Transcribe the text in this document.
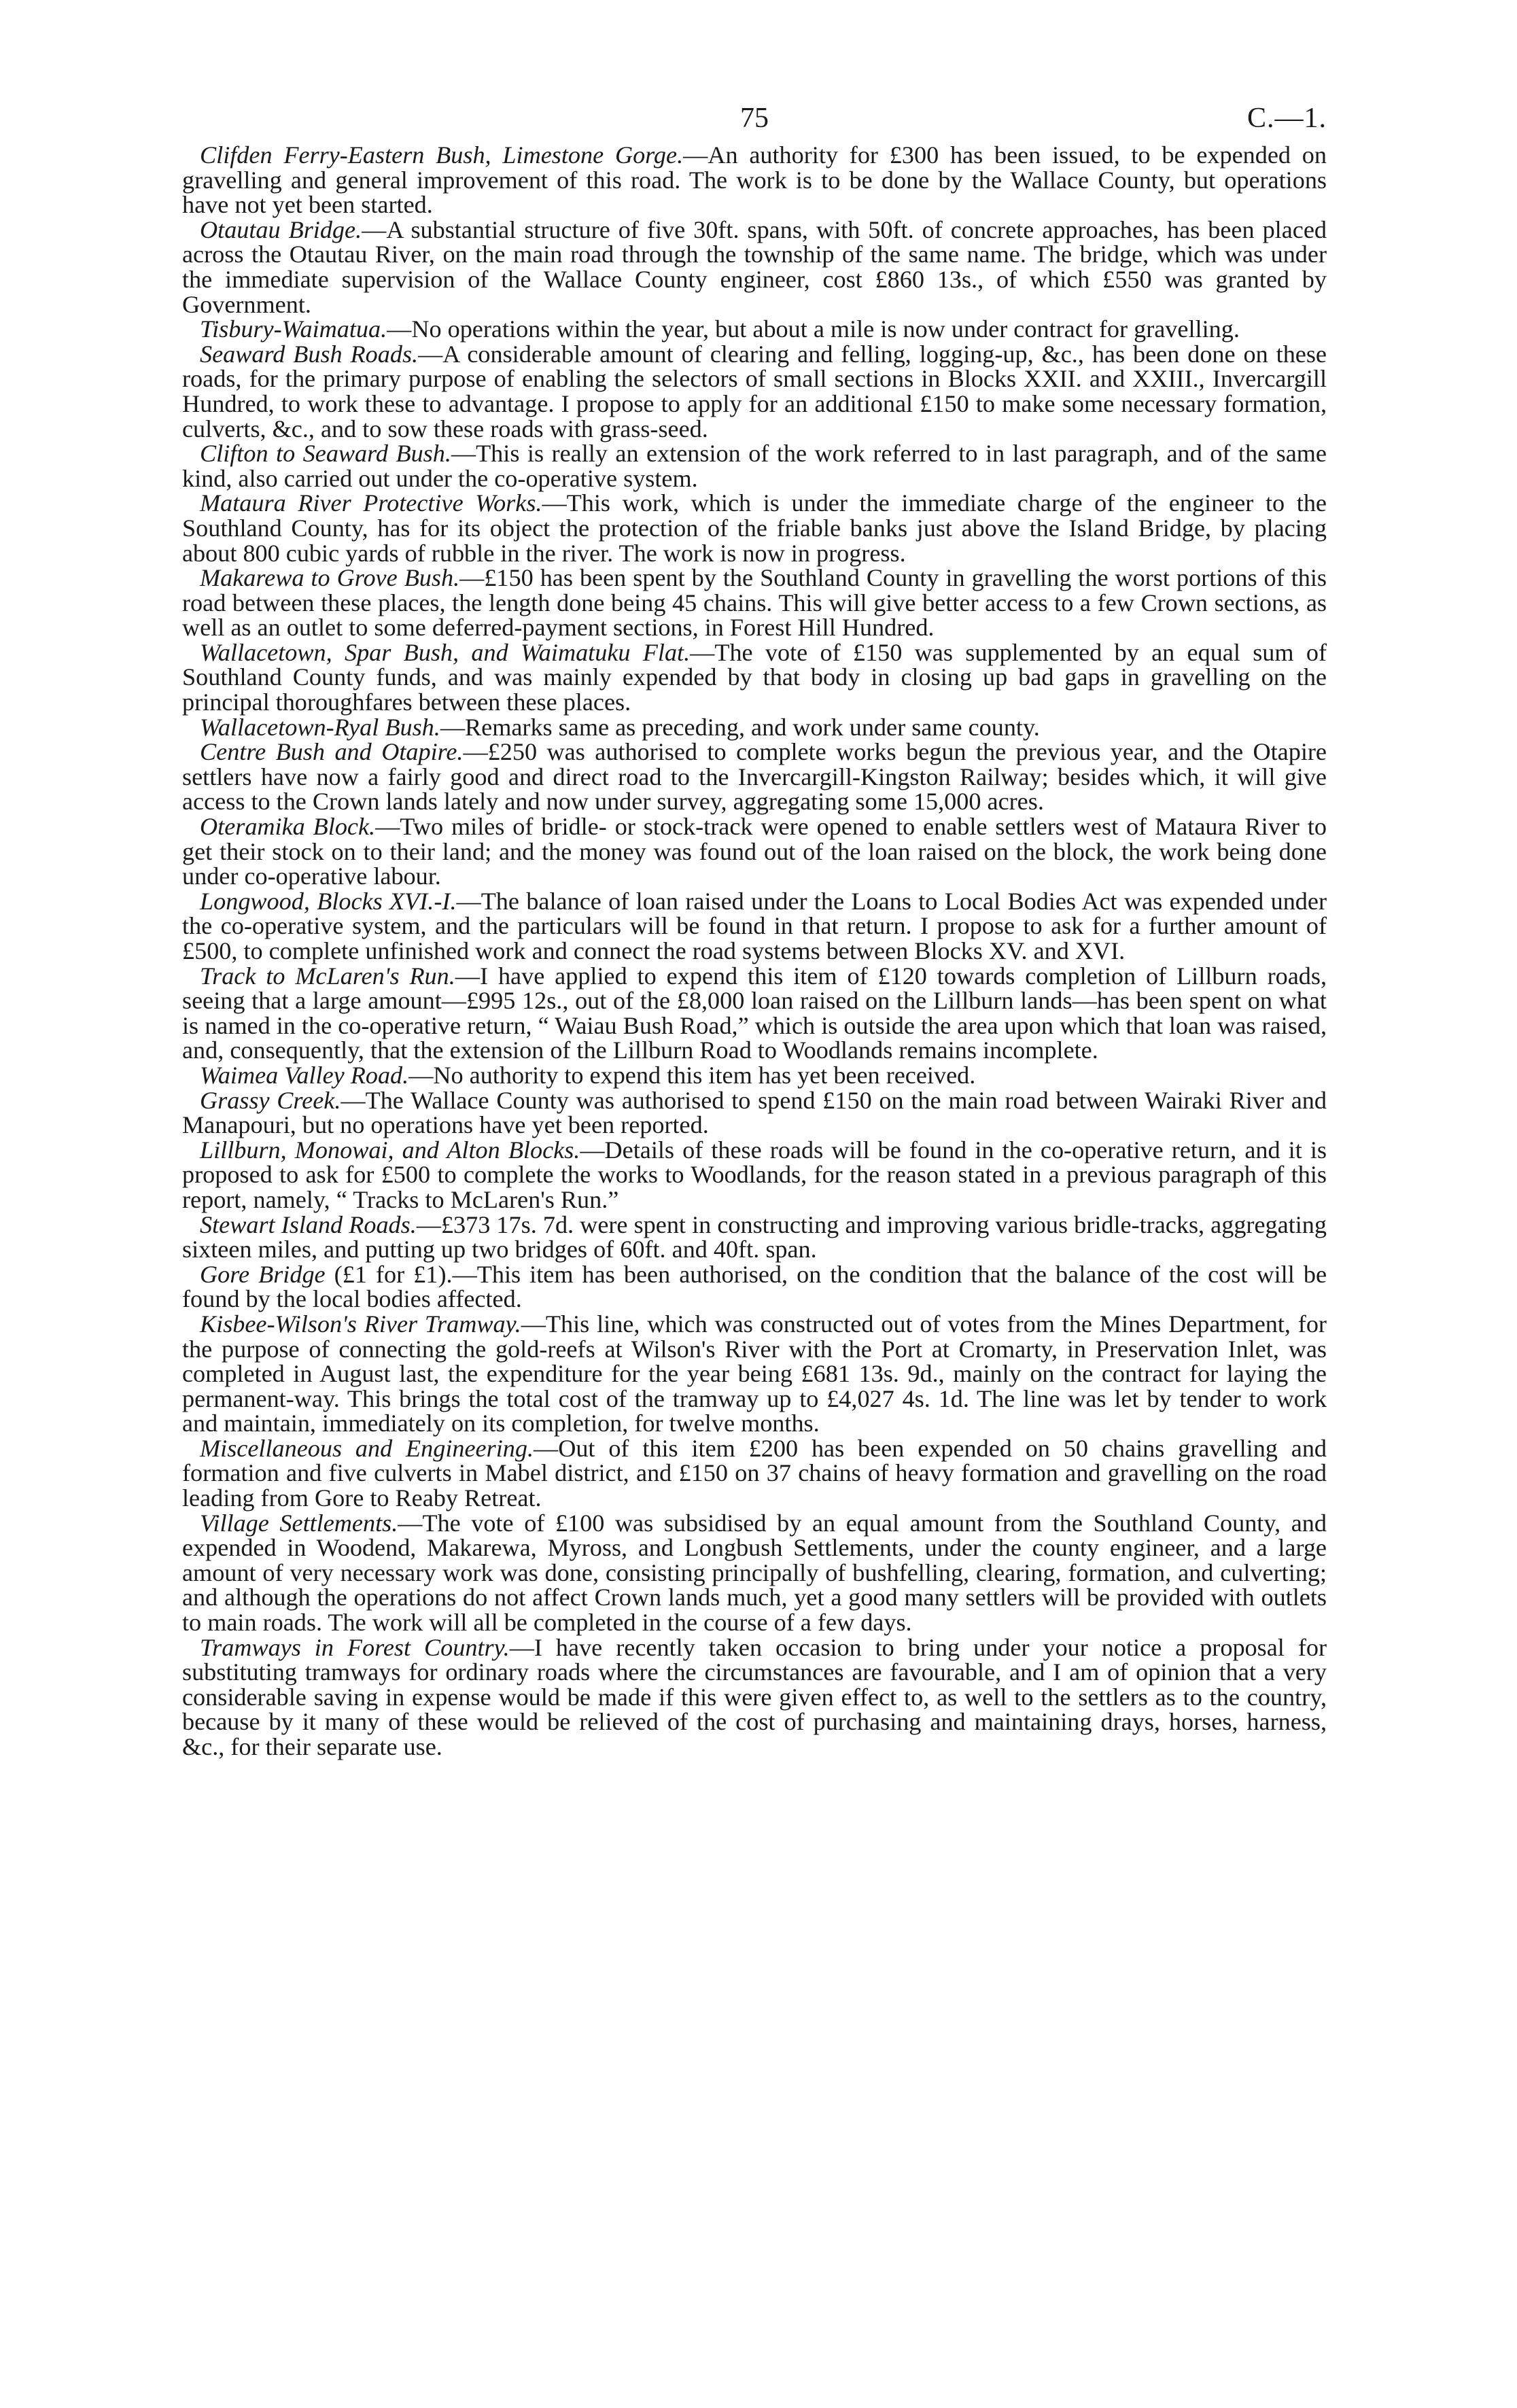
75	C.—1.

Clifden Ferry-Eastern Bush, Limestone Gorge.—An authority for £300 has been issued, to be expended on gravelling and general improvement of this road. The work is to be done by the Wallace County, but operations have not yet been started.

Otautau Bridge.—A substantial structure of five 30ft. spans, with 50ft. of concrete approaches, has been placed across the Otautau River, on the main road through the township of the same name. The bridge, which was under the immediate supervision of the Wallace County engineer, cost £860 13s., of which £550 was granted by Government.

Tisbury-Waimatua.—No operations within the year, but about a mile is now under contract for gravelling.

Seaward Bush Roads.—A considerable amount of clearing and felling, logging-up, &c., has been done on these roads, for the primary purpose of enabling the selectors of small sections in Blocks XXII. and XXIII., Invercargill Hundred, to work these to advantage. I propose to apply for an additional £150 to make some necessary formation, culverts, &c., and to sow these roads with grass-seed.

Clifton to Seaward Bush.—This is really an extension of the work referred to in last paragraph, and of the same kind, also carried out under the co-operative system.

Mataura River Protective Works.—This work, which is under the immediate charge of the engineer to the Southland County, has for its object the protection of the friable banks just above the Island Bridge, by placing about 800 cubic yards of rubble in the river. The work is now in progress.

Makarewa to Grove Bush.—£150 has been spent by the Southland County in gravelling the worst portions of this road between these places, the length done being 45 chains. This will give better access to a few Crown sections, as well as an outlet to some deferred-payment sections, in Forest Hill Hundred.

Wallacetown, Spar Bush, and Waimatuku Flat.—The vote of £150 was supplemented by an equal sum of Southland County funds, and was mainly expended by that body in closing up bad gaps in gravelling on the principal thoroughfares between these places.

Wallacetown-Ryal Bush.—Remarks same as preceding, and work under same county.

Centre Bush and Otapire.—£250 was authorised to complete works begun the previous year, and the Otapire settlers have now a fairly good and direct road to the Invercargill-Kingston Railway; besides which, it will give access to the Crown lands lately and now under survey, aggregating some 15,000 acres.

Oteramika Block.—Two miles of bridle- or stock-track were opened to enable settlers west of Mataura River to get their stock on to their land; and the money was found out of the loan raised on the block, the work being done under co-operative labour.

Longwood, Blocks XVI.-I.—The balance of loan raised under the Loans to Local Bodies Act was expended under the co-operative system, and the particulars will be found in that return. I propose to ask for a further amount of £500, to complete unfinished work and connect the road systems between Blocks XV. and XVI.

Track to McLaren's Run.—I have applied to expend this item of £120 towards completion of Lillburn roads, seeing that a large amount—£995 12s., out of the £8,000 loan raised on the Lillburn lands—has been spent on what is named in the co-operative return, “ Waiau Bush Road,” which is outside the area upon which that loan was raised, and, consequently, that the extension of the Lillburn Road to Woodlands remains incomplete.

Waimea Valley Road.—No authority to expend this item has yet been received.

Grassy Creek.—The Wallace County was authorised to spend £150 on the main road between Wairaki River and Manapouri, but no operations have yet been reported.

Lillburn, Monowai, and Alton Blocks.—Details of these roads will be found in the co-operative return, and it is proposed to ask for £500 to complete the works to Woodlands, for the reason stated in a previous paragraph of this report, namely, “ Tracks to McLaren's Run.”

Stewart Island Roads.—£373 17s. 7d. were spent in constructing and improving various bridle-tracks, aggregating sixteen miles, and putting up two bridges of 60ft. and 40ft. span.

Gore Bridge (£1 for £1).—This item has been authorised, on the condition that the balance of the cost will be found by the local bodies affected.

Kisbee-Wilson's River Tramway.—This line, which was constructed out of votes from the Mines Department, for the purpose of connecting the gold-reefs at Wilson's River with the Port at Cromarty, in Preservation Inlet, was completed in August last, the expenditure for the year being £681 13s. 9d., mainly on the contract for laying the permanent-way. This brings the total cost of the tramway up to £4,027 4s. 1d. The line was let by tender to work and maintain, immediately on its completion, for twelve months.

Miscellaneous and Engineering.—Out of this item £200 has been expended on 50 chains gravelling and formation and five culverts in Mabel district, and £150 on 37 chains of heavy formation and gravelling on the road leading from Gore to Reaby Retreat.

Village Settlements.—The vote of £100 was subsidised by an equal amount from the Southland County, and expended in Woodend, Makarewa, Myross, and Longbush Settlements, under the county engineer, and a large amount of very necessary work was done, consisting principally of bushfelling, clearing, formation, and culverting; and although the operations do not affect Crown lands much, yet a good many settlers will be provided with outlets to main roads. The work will all be completed in the course of a few days.

Tramways in Forest Country.—I have recently taken occasion to bring under your notice a proposal for substituting tramways for ordinary roads where the circumstances are favourable, and I am of opinion that a very considerable saving in expense would be made if this were given effect to, as well to the settlers as to the country, because by it many of these would be relieved of the cost of purchasing and maintaining drays, horses, harness, &c., for their separate use.
